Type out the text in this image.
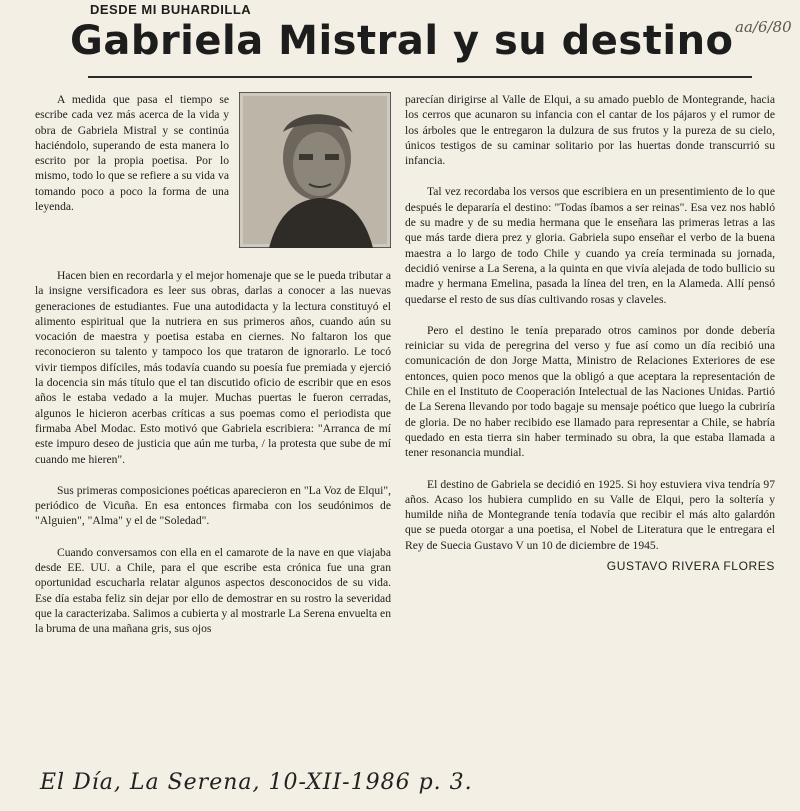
DESDE MI BUHARDILLA
Gabriela Mistral y su destino aa/6/80

A medida que pasa el tiempo se escribe cada vez más acerca de la vida y obra de Gabriela Mistral y se continúa haciéndolo, superando de esta manera lo escrito por la propia poetisa. Por lo mismo, todo lo que se refiere a su vida va tomando poco a poco la forma de una leyenda.

Hacen bien en recordarla y el mejor homenaje que se le pueda tributar a la insigne versificadora es leer sus obras, darlas a conocer a las nuevas generaciones de estudiantes. Fue una autodidacta y la lectura constituyó el alimento espiritual que la nutriera en sus primeros años, cuando aún su vocación de maestra y poetisa estaba en ciernes. No faltaron los que reconocieron su talento y tampoco los que trataron de ignorarlo. Le tocó vivir tiempos difíciles, más todavía cuando su poesía fue premiada y ejerció la docencia sin más título que el tan discutido oficio de escribir que en esos años le estaba vedado a la mujer. Muchas puertas le fueron cerradas, algunos le hicieron acerbas críticas a sus poemas como el periodista que firmaba Abel Modac. Esto motivó que Gabriela escribiera: "Arranca de mí este impuro deseo de justicia que aún me turba, / la protesta que sube de mí cuando me hieren".

Sus primeras composiciones poéticas aparecieron en "La Voz de Elqui", periódico de Vicuña. En esa entonces firmaba con los seudónimos de "Alguien", "Alma" y el de "Soledad".

Cuando conversamos con ella en el camarote de la nave en que viajaba desde EE. UU. a Chile, para el que escribe esta crónica fue una gran oportunidad escucharla relatar algunos aspectos desconocidos de su vida. Ese día estaba feliz sin dejar por ello de demostrar en su rostro la severidad que la caracterizaba. Salimos a cubierta y al mostrarle La Serena envuelta en la bruma de una mañana gris, sus ojos

parecían dirigirse al Valle de Elqui, a su amado pueblo de Montegrande, hacia los cerros que acunaron su infancia con el cantar de los pájaros y el rumor de los árboles que le entregaron la dulzura de sus frutos y la pureza de su cielo, únicos testigos de su caminar solitario por las huertas donde transcurrió su infancia.

Tal vez recordaba los versos que escribiera en un presentimiento de lo que después le depararía el destino: "Todas íbamos a ser reinas". Esa vez nos habló de su madre y de su media hermana que le enseñara las primeras letras a las que más tarde diera prez y gloria. Gabriela supo enseñar el verbo de la buena maestra a lo largo de todo Chile y cuando ya creía terminada su jornada, decidió venirse a La Serena, a la quinta en que vivía alejada de todo bullicio su madre y hermana Emelina, pasada la línea del tren, en la Alameda. Allí pensó quedarse el resto de sus días cultivando rosas y claveles.

Pero el destino le tenía preparado otros caminos por donde debería reiniciar su vida de peregrina del verso y fue así como un día recibió una comunicación de don Jorge Matta, Ministro de Relaciones Exteriores de ese entonces, quien poco menos que la obligó a que aceptara la representación de Chile en el Instituto de Cooperación Intelectual de las Naciones Unidas. Partió de La Serena llevando por todo bagaje su mensaje poético que luego la cubriría de gloria. De no haber recibido ese llamado para representar a Chile, se habría quedado en esta tierra sin haber terminado su obra, la que estaba llamada a tener resonancia mundial.

El destino de Gabriela se decidió en 1925. Si hoy estuviera viva tendría 97 años. Acaso los hubiera cumplido en su Valle de Elqui, pero la soltería y humilde niña de Montegrande tenía todavía que recibir el más alto galardón que se pueda otorgar a una poetisa, el Nobel de Literatura que le entregara el Rey de Suecia Gustavo V un 10 de diciembre de 1945.

GUSTAVO RIVERA FLORES
El Día, La Serena, 10-XII-1986 p. 3.
